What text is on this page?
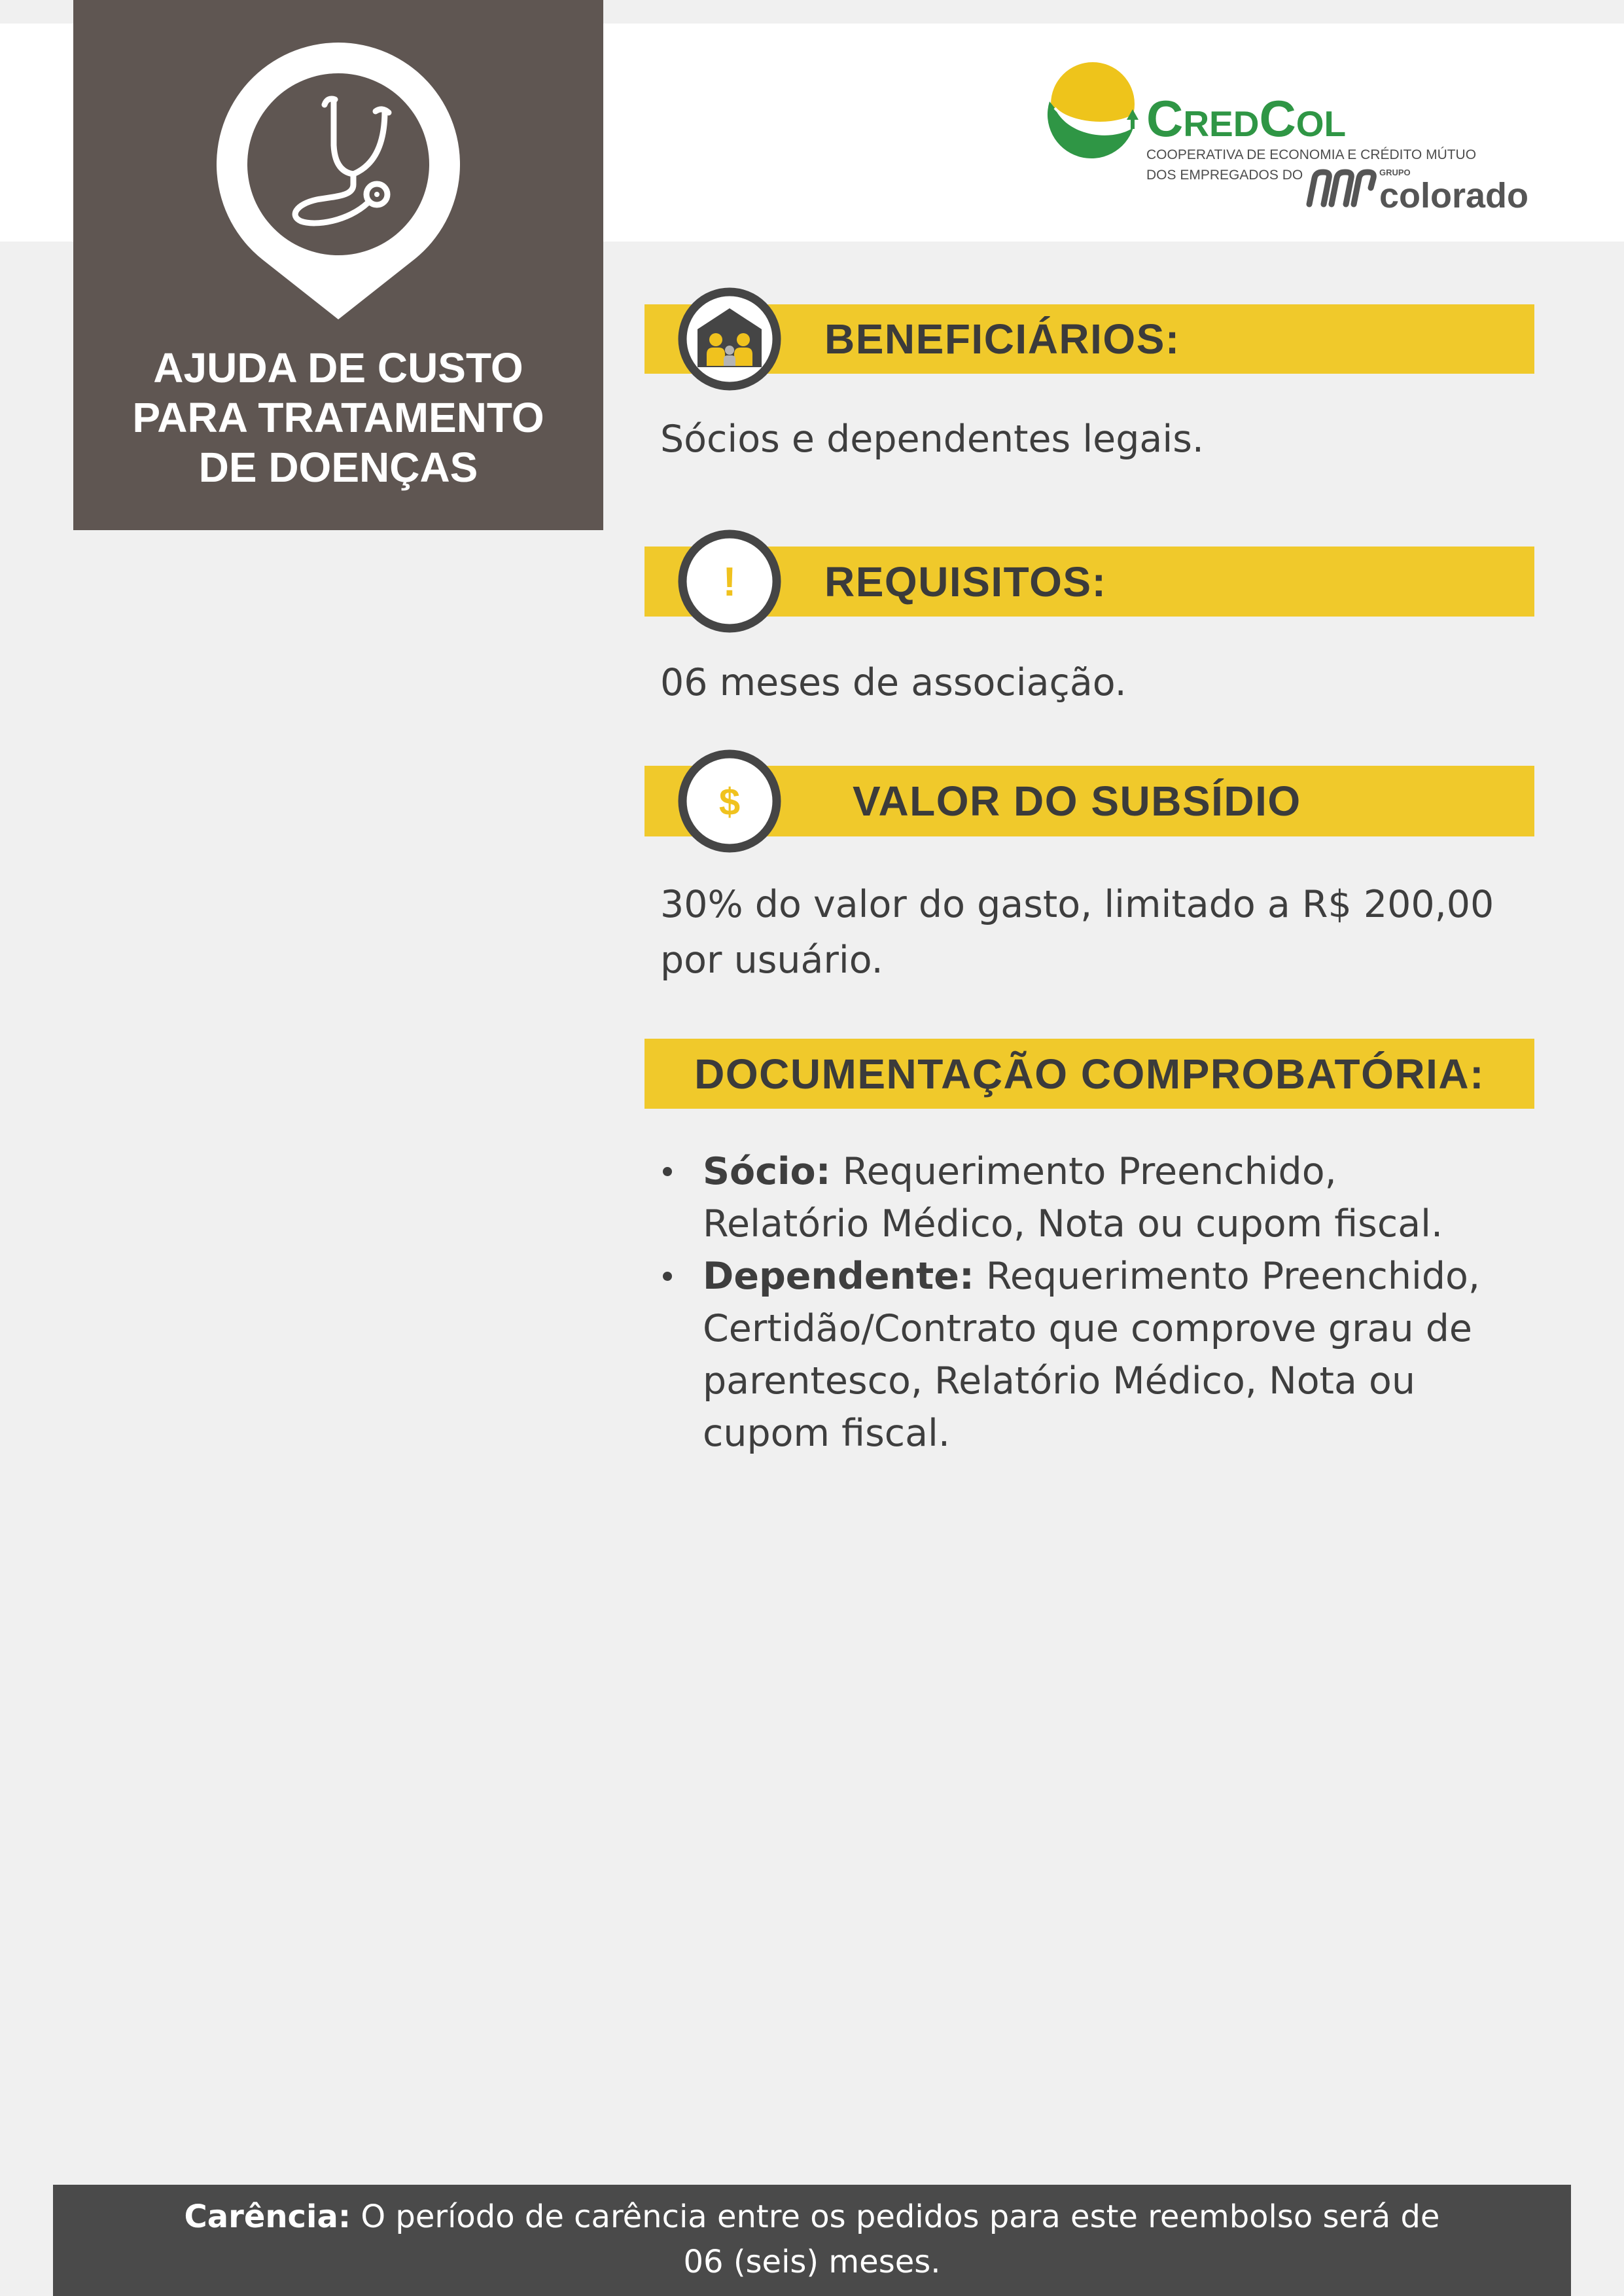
AJUDA DE CUSTO
PARA TRATAMENTO
DE DOENÇAS
CredCol
COOPERATIVA DE ECONOMIA E CRÉDITO MÚTUO
DOS EMPREGADOS DO	GRUPO
colorado
BENEFICIÁRIOS:
REQUISITOS:
VALOR DO SUBSÍDIO
DOCUMENTAÇÃO COMPROBATÓRIA:
!
$
Sócios e dependentes legais.
06 meses de associação.
30% do valor do gasto, limitado a R$ 200,00 por usuário.
Sócio: Requerimento Preenchido, Relatório Médico, Nota ou cupom fiscal.
Dependente: Requerimento Preenchido, Certidão/Contrato que comprove grau de parentesco, Relatório Médico, Nota ou cupom fiscal.
Carência: O período de carência entre os pedidos para este reembolso será de
06 (seis) meses.
